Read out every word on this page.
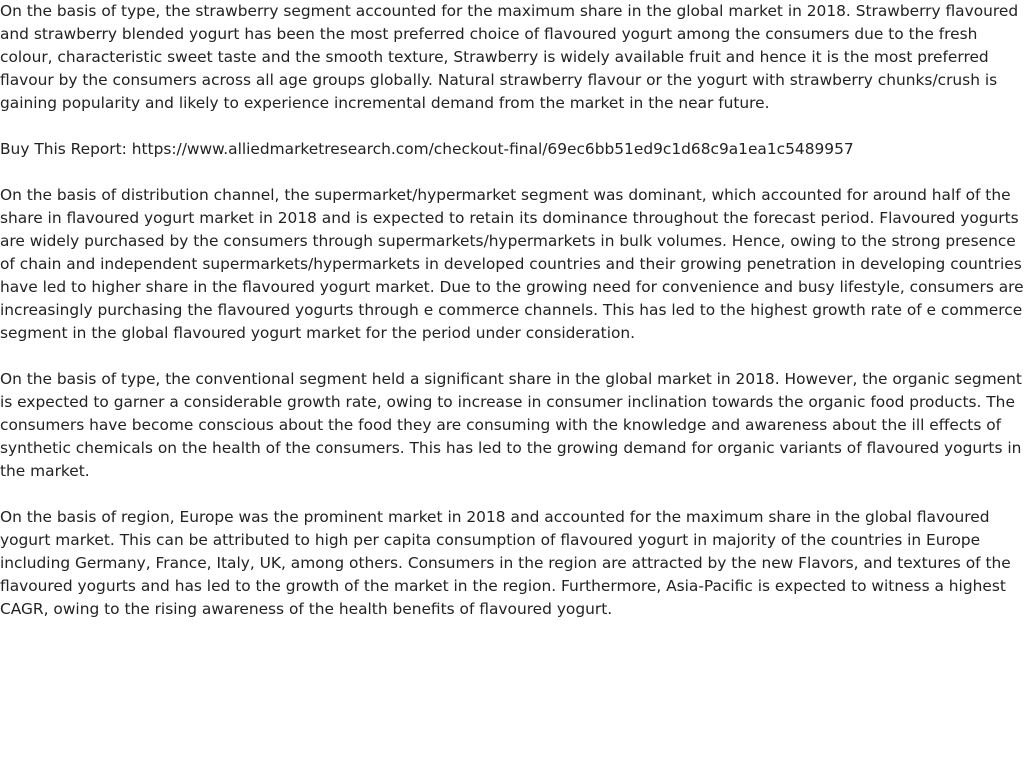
On the basis of type, the strawberry segment accounted for the maximum share in the global market in 2018. Strawberry flavoured and strawberry blended yogurt has been the most preferred choice of flavoured yogurt among the consumers due to the fresh colour, characteristic sweet taste and the smooth texture, Strawberry is widely available fruit and hence it is the most preferred flavour by the consumers across all age groups globally. Natural strawberry flavour or the yogurt with strawberry chunks/crush is gaining popularity and likely to experience incremental demand from the market in the near future.

Buy This Report: https://www.alliedmarketresearch.com/checkout-final/69ec6bb51ed9c1d68c9a1ea1c5489957

On the basis of distribution channel, the supermarket/hypermarket segment was dominant, which accounted for around half of the share in flavoured yogurt market in 2018 and is expected to retain its dominance throughout the forecast period. Flavoured yogurts are widely purchased by the consumers through supermarkets/hypermarkets in bulk volumes. Hence, owing to the strong presence of chain and independent supermarkets/hypermarkets in developed countries and their growing penetration in developing countries have led to higher share in the flavoured yogurt market. Due to the growing need for convenience and busy lifestyle, consumers are increasingly purchasing the flavoured yogurts through e commerce channels. This has led to the highest growth rate of e commerce segment in the global flavoured yogurt market for the period under consideration.

On the basis of type, the conventional segment held a significant share in the global market in 2018. However, the organic segment is expected to garner a considerable growth rate, owing to increase in consumer inclination towards the organic food products. The consumers have become conscious about the food they are consuming with the knowledge and awareness about the ill effects of synthetic chemicals on the health of the consumers. This has led to the growing demand for organic variants of flavoured yogurts in the market.

On the basis of region, Europe was the prominent market in 2018 and accounted for the maximum share in the global flavoured yogurt market. This can be attributed to high per capita consumption of flavoured yogurt in majority of the countries in Europe including Germany, France, Italy, UK, among others. Consumers in the region are attracted by the new Flavors, and textures of the flavoured yogurts and has led to the growth of the market in the region. Furthermore, Asia-Pacific is expected to witness a highest CAGR, owing to the rising awareness of the health benefits of flavoured yogurt.
